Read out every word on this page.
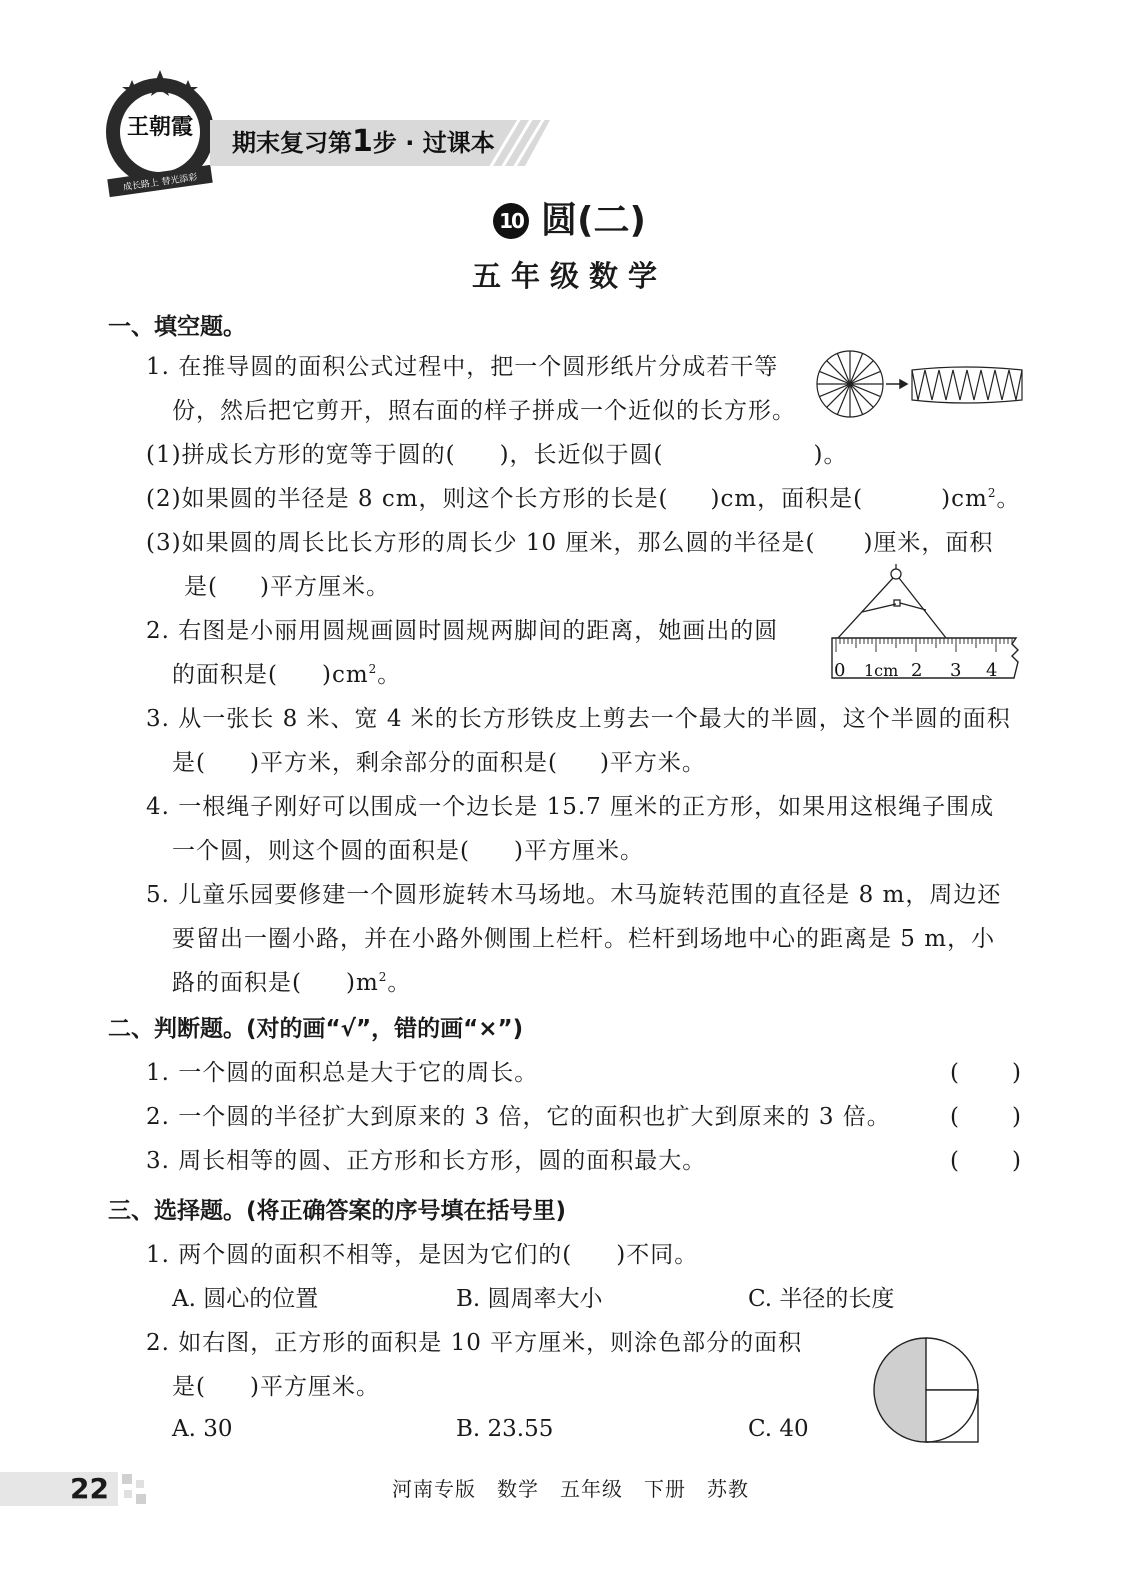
王朝霞
成长路上 替光添彩
期末复习第1步 · 过课本
10 圆(二)
五年级数学
一、填空题。
1. 在推导圆的面积公式过程中，把一个圆形纸片分成若干等
份，然后把它剪开，照右面的样子拼成一个近似的长方形。
(1)拼成长方形的宽等于圆的( )，长近似于圆(	)。
(2)如果圆的半径是 8 cm，则这个长方形的长是( )cm，面积是(	)$cm^2$。
(3)如果圆的周长比长方形的周长少 10 厘米，那么圆的半径是( )厘米，面积
是( )平方厘米。
2. 右图是小丽用圆规画圆时圆规两脚间的距离，她画出的圆
的面积是( )$cm^2$。	0 1cm 2 3 4
3. 从一张长 8 米、宽 4 米的长方形铁皮上剪去一个最大的半圆，这个半圆的面积
是( )平方米，剩余部分的面积是( )平方米。
4. 一根绳子刚好可以围成一个边长是 15.7 厘米的正方形，如果用这根绳子围成
一个圆，则这个圆的面积是( )平方厘米。
5. 儿童乐园要修建一个圆形旋转木马场地。木马旋转范围的直径是 8 m，周边还
要留出一圈小路，并在小路外侧围上栏杆。栏杆到场地中心的距离是 5 m，小
路的面积是( )$m^2$。
二、判断题。(对的画“√”，错的画“×”)
1. 一个圆的面积总是大于它的周长。	( )
2. 一个圆的半径扩大到原来的 3 倍，它的面积也扩大到原来的 3 倍。	( )
3. 周长相等的圆、正方形和长方形，圆的面积最大。	( )
三、选择题。(将正确答案的序号填在括号里)
1. 两个圆的面积不相等，是因为它们的( )不同。
A. 圆心的位置	B. 圆周率大小	C. 半径的长度
2. 如右图，正方形的面积是 10 平方厘米，则涂色部分的面积
是( )平方厘米。
A. 30	B. 23.55	C. 40
22	河南专版　数学　五年级　下册　苏教
